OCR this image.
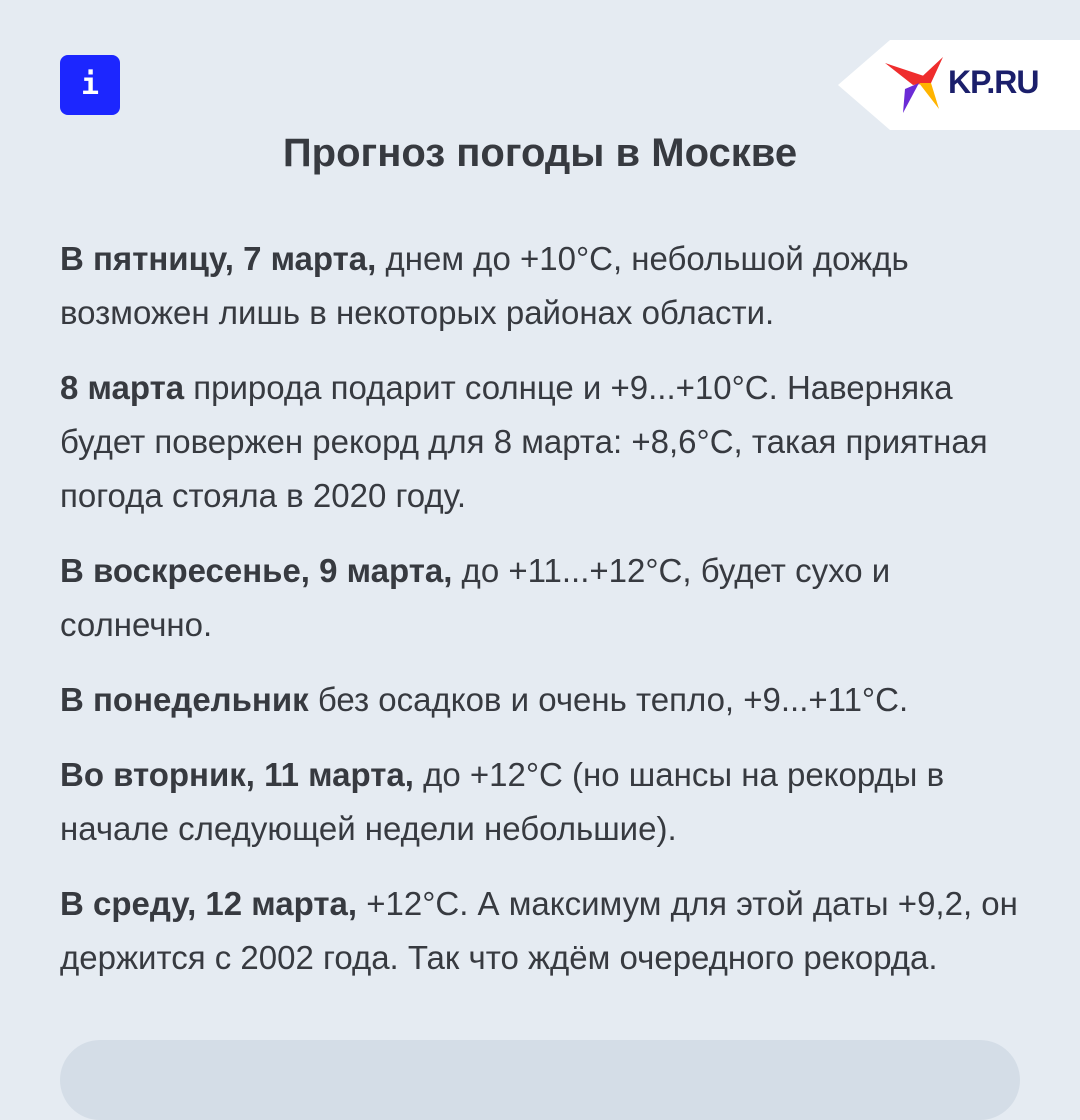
i	KP.RU
Прогноз погоды в Москве

В пятницу, 7 марта, днем до +10°С, небольшой дождь возможен лишь в некоторых районах области.

8 марта природа подарит солнце и +9...+10°С. Наверняка будет повержен рекорд для 8 марта: +8,6°С, такая приятная погода стояла в 2020 году.

В воскресенье, 9 марта, до +11...+12°С, будет сухо и солнечно.

В понедельник без осадков и очень тепло, +9...+11°С.

Во вторник, 11 марта, до +12°С (но шансы на рекорды в начале следующей недели небольшие).

В среду, 12 марта, +12°С. А максимум для этой даты +9,2, он держится с 2002 года. Так что ждём очередного рекорда.
